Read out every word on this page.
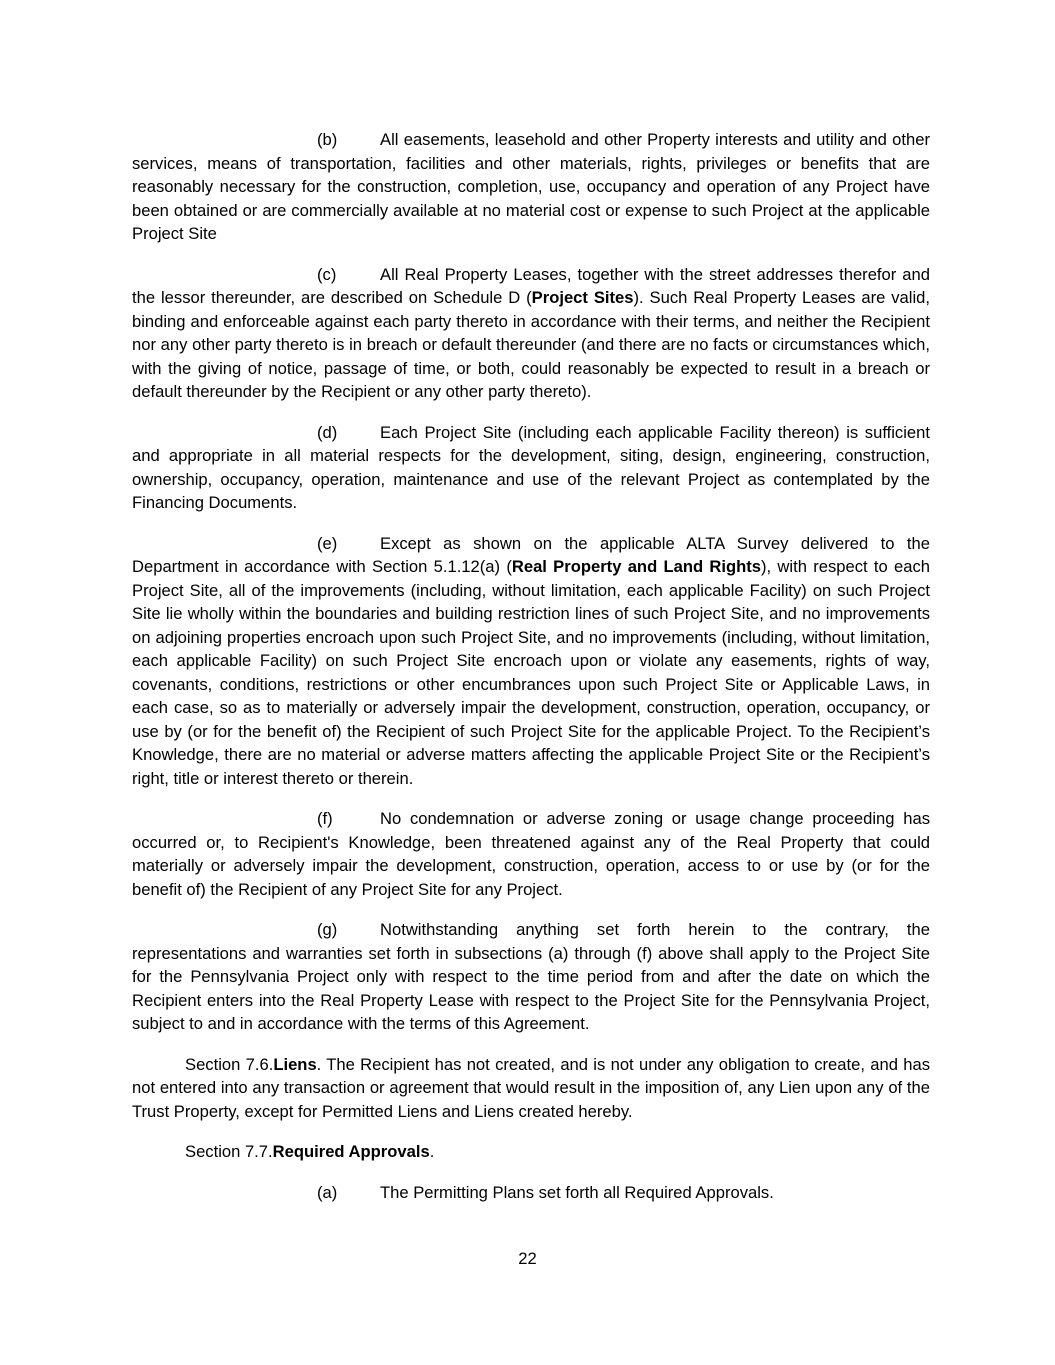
(b)	All easements, leasehold and other Property interests and utility and other services, means of transportation, facilities and other materials, rights, privileges or benefits that are reasonably necessary for the construction, completion, use, occupancy and operation of any Project have been obtained or are commercially available at no material cost or expense to such Project at the applicable Project Site

(c)	All Real Property Leases, together with the street addresses therefor and the lessor thereunder, are described on Schedule D (Project Sites). Such Real Property Leases are valid, binding and enforceable against each party thereto in accordance with their terms, and neither the Recipient nor any other party thereto is in breach or default thereunder (and there are no facts or circumstances which, with the giving of notice, passage of time, or both, could reasonably be expected to result in a breach or default thereunder by the Recipient or any other party thereto).

(d)	Each Project Site (including each applicable Facility thereon) is sufficient and appropriate in all material respects for the development, siting, design, engineering, construction, ownership, occupancy, operation, maintenance and use of the relevant Project as contemplated by the Financing Documents.

(e)	Except as shown on the applicable ALTA Survey delivered to the Department in accordance with Section 5.1.12(a) (Real Property and Land Rights), with respect to each Project Site, all of the improvements (including, without limitation, each applicable Facility) on such Project Site lie wholly within the boundaries and building restriction lines of such Project Site, and no improvements on adjoining properties encroach upon such Project Site, and no improvements (including, without limitation, each applicable Facility) on such Project Site encroach upon or violate any easements, rights of way, covenants, conditions, restrictions or other encumbrances upon such Project Site or Applicable Laws, in each case, so as to materially or adversely impair the development, construction, operation, occupancy, or use by (or for the benefit of) the Recipient of such Project Site for the applicable Project. To the Recipient’s Knowledge, there are no material or adverse matters affecting the applicable Project Site or the Recipient’s right, title or interest thereto or therein.

(f)	No condemnation or adverse zoning or usage change proceeding has occurred or, to Recipient's Knowledge, been threatened against any of the Real Property that could materially or adversely impair the development, construction, operation, access to or use by (or for the benefit of) the Recipient of any Project Site for any Project.

(g)	Notwithstanding anything set forth herein to the contrary, the representations and warranties set forth in subsections (a) through (f) above shall apply to the Project Site for the Pennsylvania Project only with respect to the time period from and after the date on which the Recipient enters into the Real Property Lease with respect to the Project Site for the Pennsylvania Project, subject to and in accordance with the terms of this Agreement.

Section 7.6.Liens. The Recipient has not created, and is not under any obligation to create, and has not entered into any transaction or agreement that would result in the imposition of, any Lien upon any of the Trust Property, except for Permitted Liens and Liens created hereby.

Section 7.7.Required Approvals.

(a)	The Permitting Plans set forth all Required Approvals.

22
